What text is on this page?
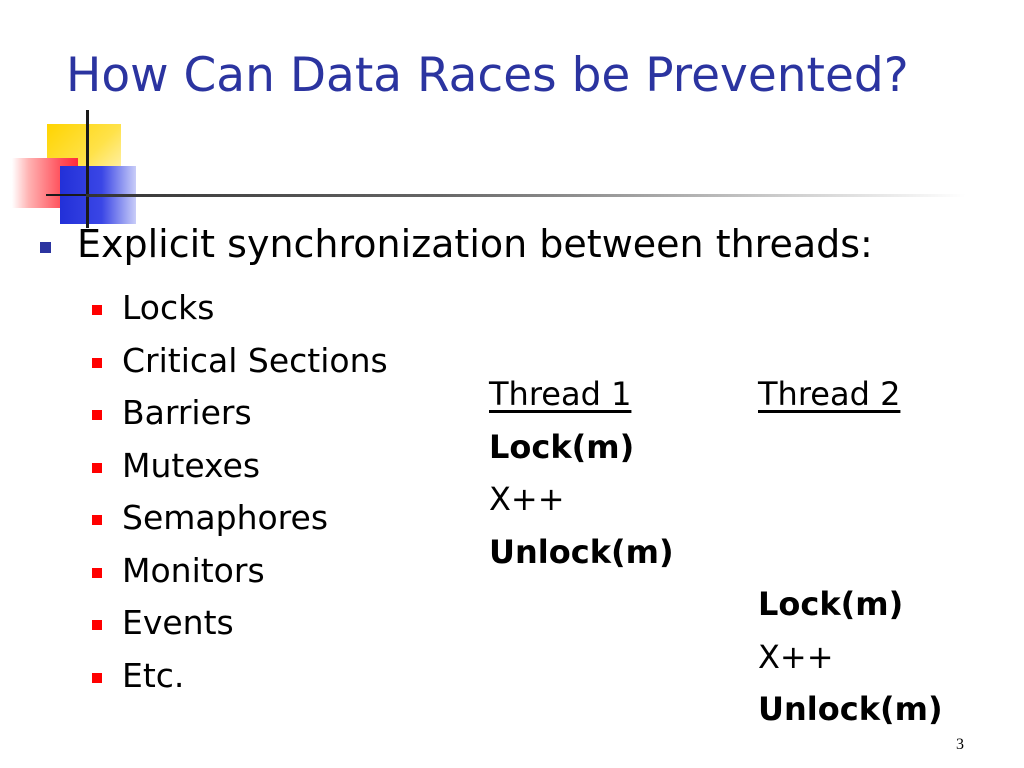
How Can Data Races be Prevented?
Explicit synchronization between threads:
Locks
Critical Sections
Barriers
Mutexes
Semaphores
Monitors
Events
Etc.
Thread 1
Lock(m)
X++
Unlock(m)
Thread 2
Lock(m)
X++
Unlock(m)
3
